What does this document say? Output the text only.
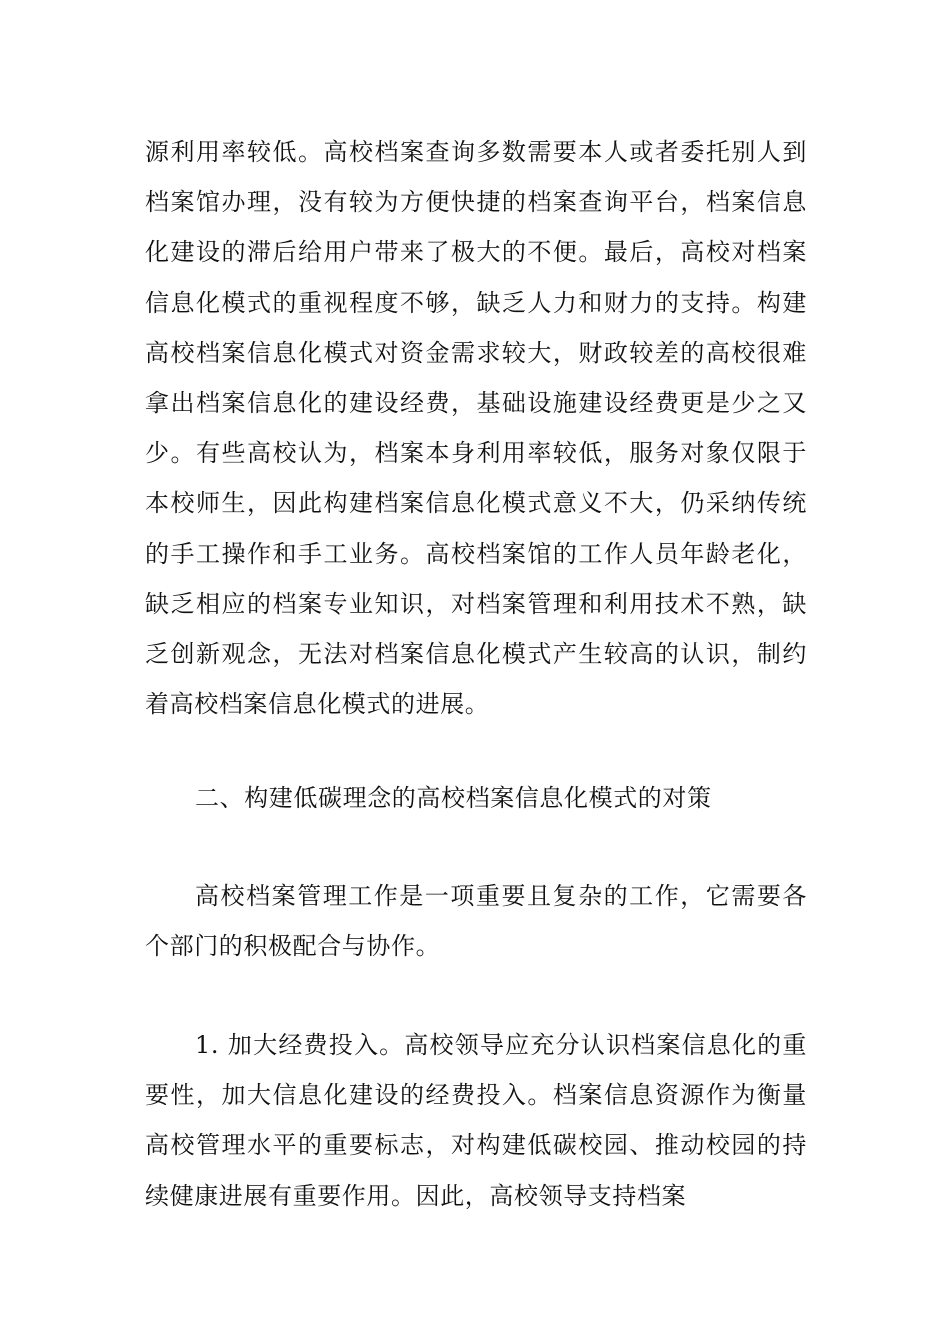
源利用率较低。高校档案查询多数需要本人或者委托别人到档案馆办理，没有较为方便快捷的档案查询平台，档案信息化建设的滞后给用户带来了极大的不便。最后，高校对档案信息化模式的重视程度不够，缺乏人力和财力的支持。构建高校档案信息化模式对资金需求较大，财政较差的高校很难拿出档案信息化的建设经费，基础设施建设经费更是少之又少。有些高校认为，档案本身利用率较低，服务对象仅限于本校师生，因此构建档案信息化模式意义不大，仍采纳传统的手工操作和手工业务。高校档案馆的工作人员年龄老化，缺乏相应的档案专业知识，对档案管理和利用技术不熟，缺乏创新观念，无法对档案信息化模式产生较高的认识，制约着高校档案信息化模式的进展。

二、构建低碳理念的高校档案信息化模式的对策

高校档案管理工作是一项重要且复杂的工作，它需要各个部门的积极配合与协作。

1. 加大经费投入。高校领导应充分认识档案信息化的重要性，加大信息化建设的经费投入。档案信息资源作为衡量高校管理水平的重要标志，对构建低碳校园、推动校园的持续健康进展有重要作用。因此，高校领导支持档案
